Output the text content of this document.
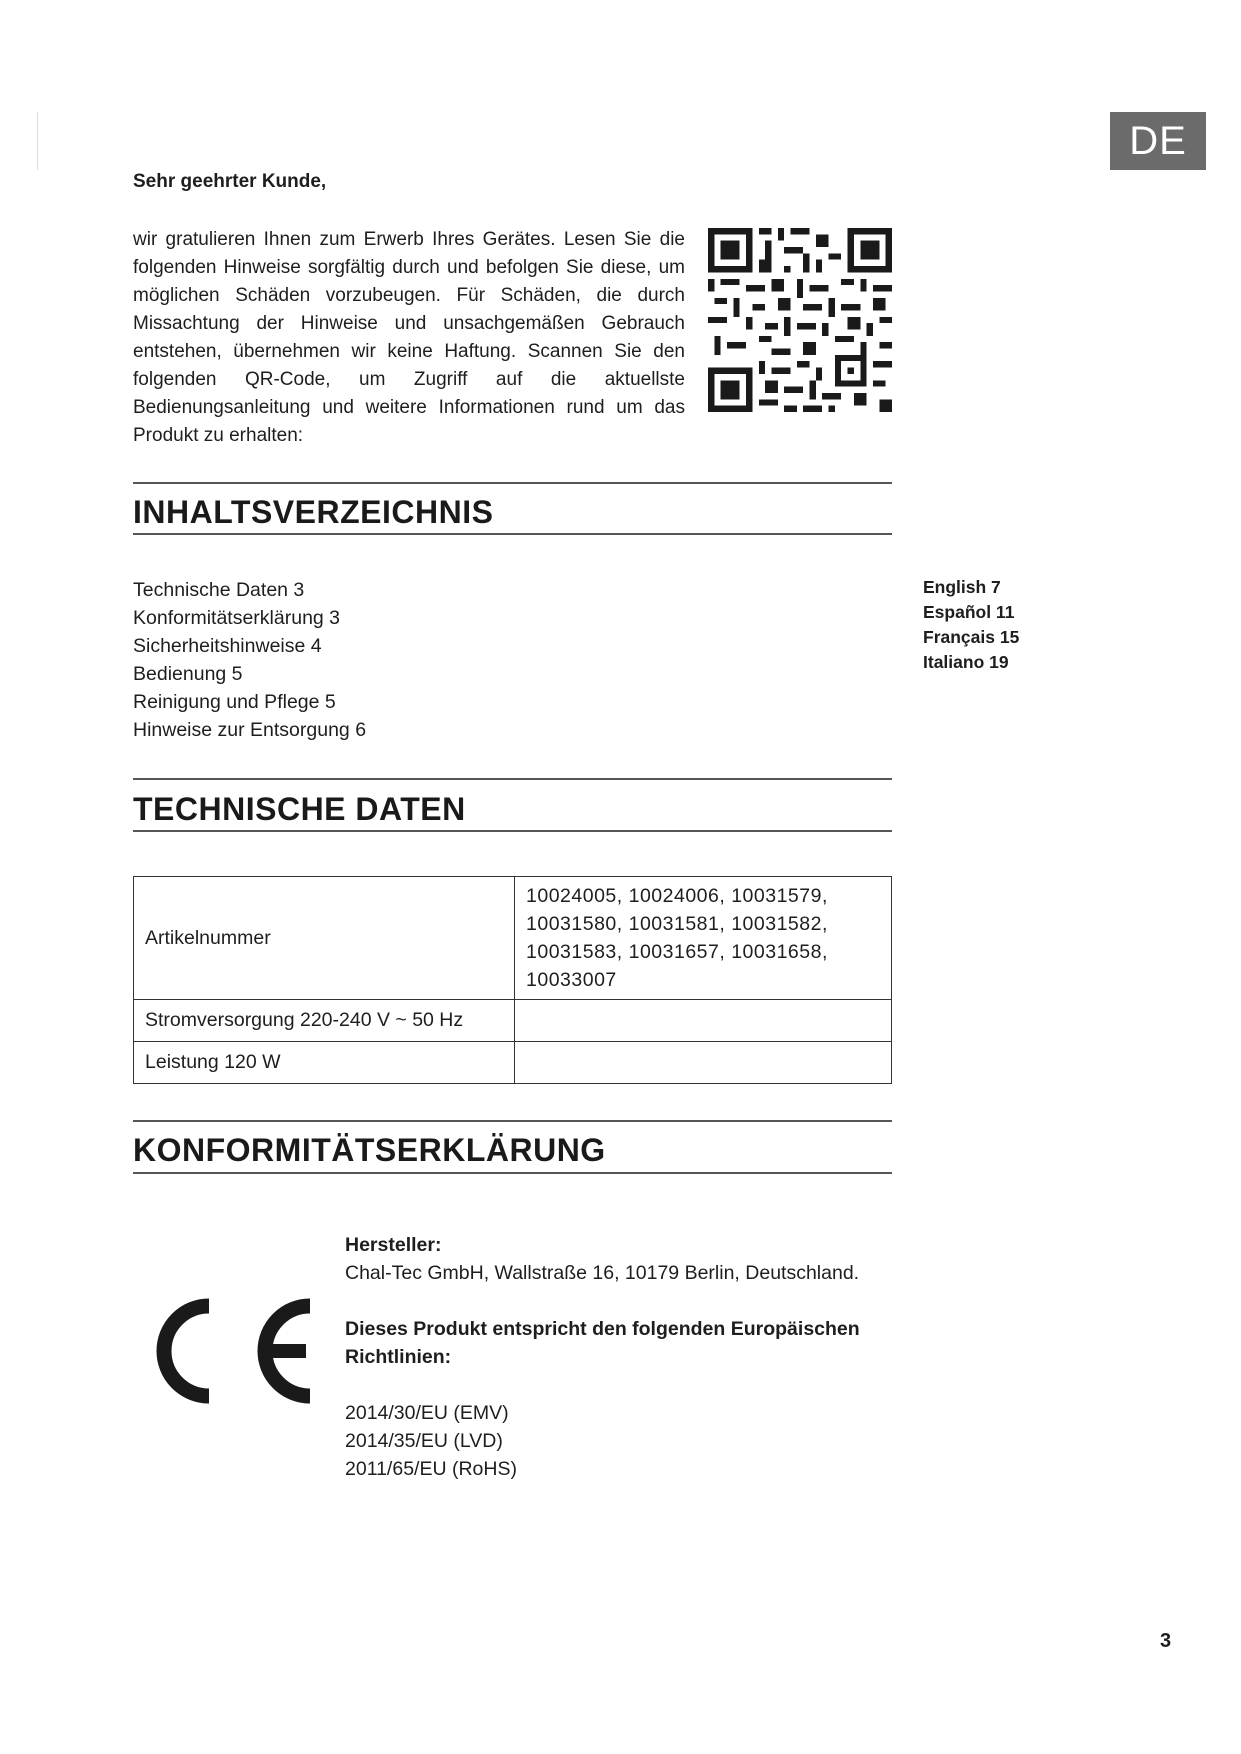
DE
Sehr geehrter Kunde,
wir gratulieren Ihnen zum Erwerb Ihres Gerätes. Lesen Sie die folgenden Hinweise sorgfältig durch und befolgen Sie diese, um möglichen Schäden vorzubeugen. Für Schäden, die durch Missachtung der Hinweise und unsachgemäßen Gebrauch entstehen, übernehmen wir keine Haftung. Scannen Sie den folgenden QR-Code, um Zugriff auf die aktuellste Bedienungsanleitung und weitere Informationen rund um das Produkt zu erhalten:
INHALTSVERZEICHNIS
Technische Daten 3
Konformitätserklärung 3
Sicherheitshinweise 4
Bedienung 5
Reinigung und Pflege 5
Hinweise zur Entsorgung 6
English 7
Español 11
Français 15
Italiano 19
TECHNISCHE DATEN
Artikelnummer	10024005, 10024006, 10031579,
10031580, 10031581, 10031582,
10031583, 10031657, 10031658,
10033007

Stromversorgung 220-240 V ~ 50 Hz	
Leistung 120 W	
KONFORMITÄTSERKLÄRUNG
Hersteller:
Chal-Tec GmbH, Wallstraße 16, 10179 Berlin, Deutschland.
Dieses Produkt entspricht den folgenden Europäischen Richtlinien:
2014/30/EU (EMV)
2014/35/EU (LVD)
2011/65/EU (RoHS)
3
